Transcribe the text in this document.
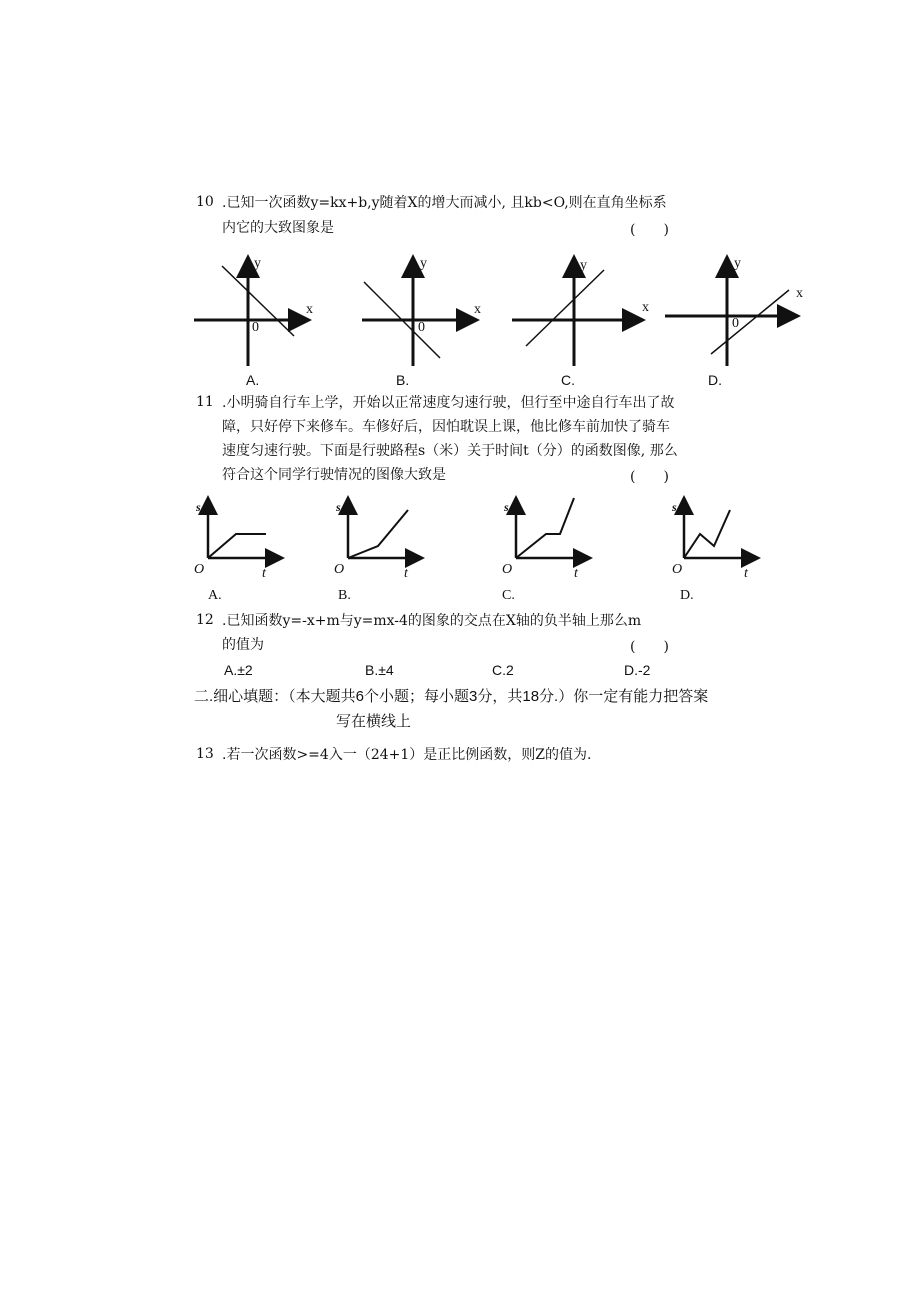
10 .已知一次函数y=kx+b,y随着X的增大而减小, 且kb<O,则在直角坐标系
内它的大致图象是	(　　)
y
x
0
A.
y
x
0
B.
y
x
C.
y
x
0
D.
11 .小明骑自行车上学，开始以正常速度匀速行驶，但行至中途自行车出了故
障，只好停下来修车。车修好后，因怕耽误上课，他比修车前加快了骑车
速度匀速行驶。下面是行驶路程s（米）关于时间t（分）的函数图像, 那么
符合这个同学行驶情况的图像大致是	(　　)
s
O	t
A.
s
O	t
B.
s
O	t
C.
s
O	t
D.
12 .已知函数y=-x+m与y=mx-4的图象的交点在X轴的负半轴上那么m
的值为	(　　)
A.±2	B.±4	C.2	D.-2
二.细心填题：（本大题共6个小题；每小题3分，共18分.）你一定有能力把答案
写在横线上
13 .若一次函数>=4入一（24+1）是正比例函数，则Z的值为.
